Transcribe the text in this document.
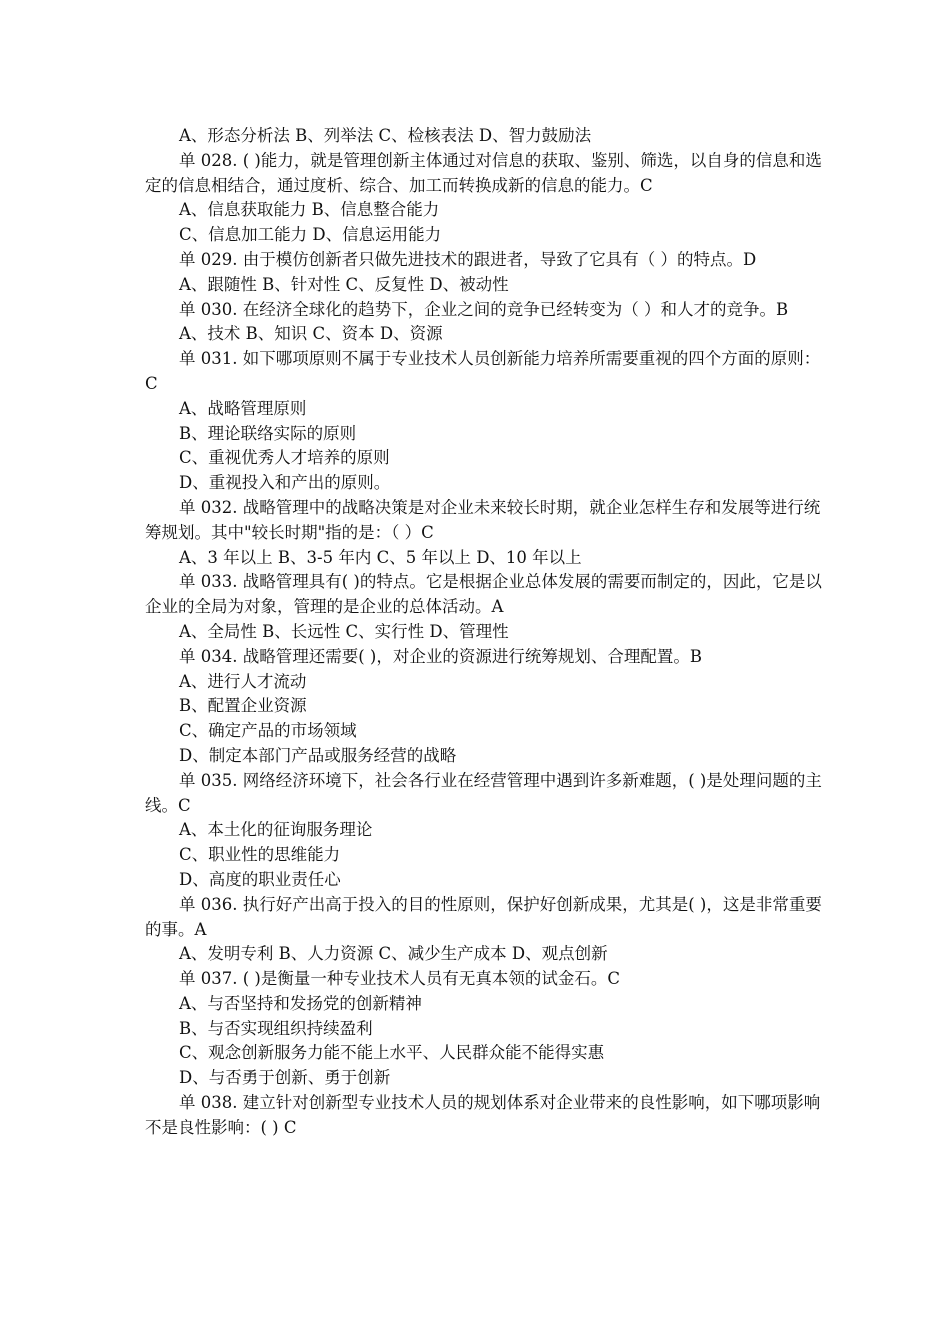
A、形态分析法 B、列举法 C、检核表法 D、智力鼓励法

单 028. ( )能力，就是管理创新主体通过对信息的获取、鉴别、筛选，以自身的信息和选定的信息相结合，通过度析、综合、加工而转换成新的信息的能力。C

A、信息获取能力 B、信息整合能力

C、信息加工能力 D、信息运用能力

单 029. 由于模仿创新者只做先进技术的跟进者，导致了它具有（ ）的特点。D

A、跟随性 B、针对性 C、反复性 D、被动性

单 030. 在经济全球化的趋势下，企业之间的竞争已经转变为（ ）和人才的竞争。B

A、技术 B、知识 C、资本 D、资源

单 031. 如下哪项原则不属于专业技术人员创新能力培养所需要重视的四个方面的原则：C

A、战略管理原则

B、理论联络实际的原则

C、重视优秀人才培养的原则

D、重视投入和产出的原则。

单 032. 战略管理中的战略决策是对企业未来较长时期，就企业怎样生存和发展等进行统筹规划。其中"较长时期"指的是：（ ）C

A、3 年以上 B、3-5 年内 C、5 年以上 D、10 年以上

单 033. 战略管理具有( )的特点。它是根据企业总体发展的需要而制定的，因此，它是以企业的全局为对象，管理的是企业的总体活动。A

A、全局性 B、长远性 C、实行性 D、管理性

单 034. 战略管理还需要( )，对企业的资源进行统筹规划、合理配置。B

A、进行人才流动

B、配置企业资源

C、确定产品的市场领域

D、制定本部门产品或服务经营的战略

单 035. 网络经济环境下，社会各行业在经营管理中遇到许多新难题，( )是处理问题的主线。C

A、本土化的征询服务理论

C、职业性的思维能力

D、高度的职业责任心

单 036. 执行好产出高于投入的目的性原则，保护好创新成果，尤其是( )，这是非常重要的事。A

A、发明专利 B、人力资源 C、减少生产成本 D、观点创新

单 037. ( )是衡量一种专业技术人员有无真本领的试金石。C

A、与否坚持和发扬党的创新精神

B、与否实现组织持续盈利

C、观念创新服务力能不能上水平、人民群众能不能得实惠

D、与否勇于创新、勇于创新

单 038. 建立针对创新型专业技术人员的规划体系对企业带来的良性影响，如下哪项影响不是良性影响：( ) C
